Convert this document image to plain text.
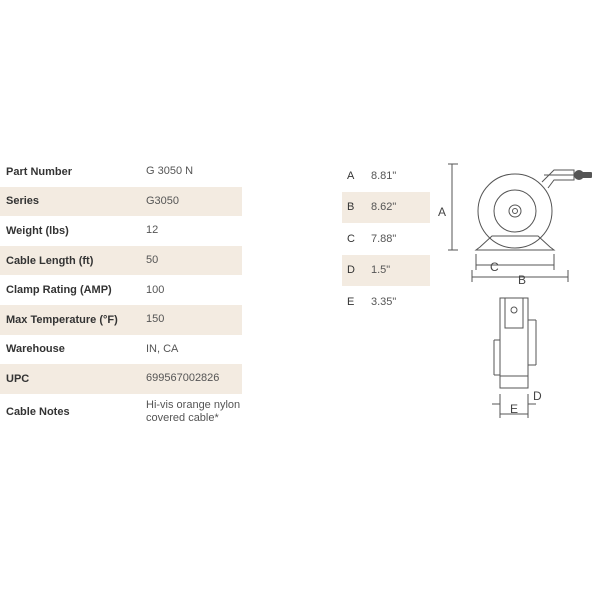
Part Number	G 3050 N
Series	G3050
Weight (lbs)	12
Cable Length (ft)	50
Clamp Rating (AMP)	100
Max Temperature (°F)	150
Warehouse	IN, CA
UPC	699567002826
Cable Notes	Hi-vis orange nylon
covered cable*
A	8.81"
B	8.62"
C	7.88"
D	1.5"
E	3.35"
A
C
B
D
E
